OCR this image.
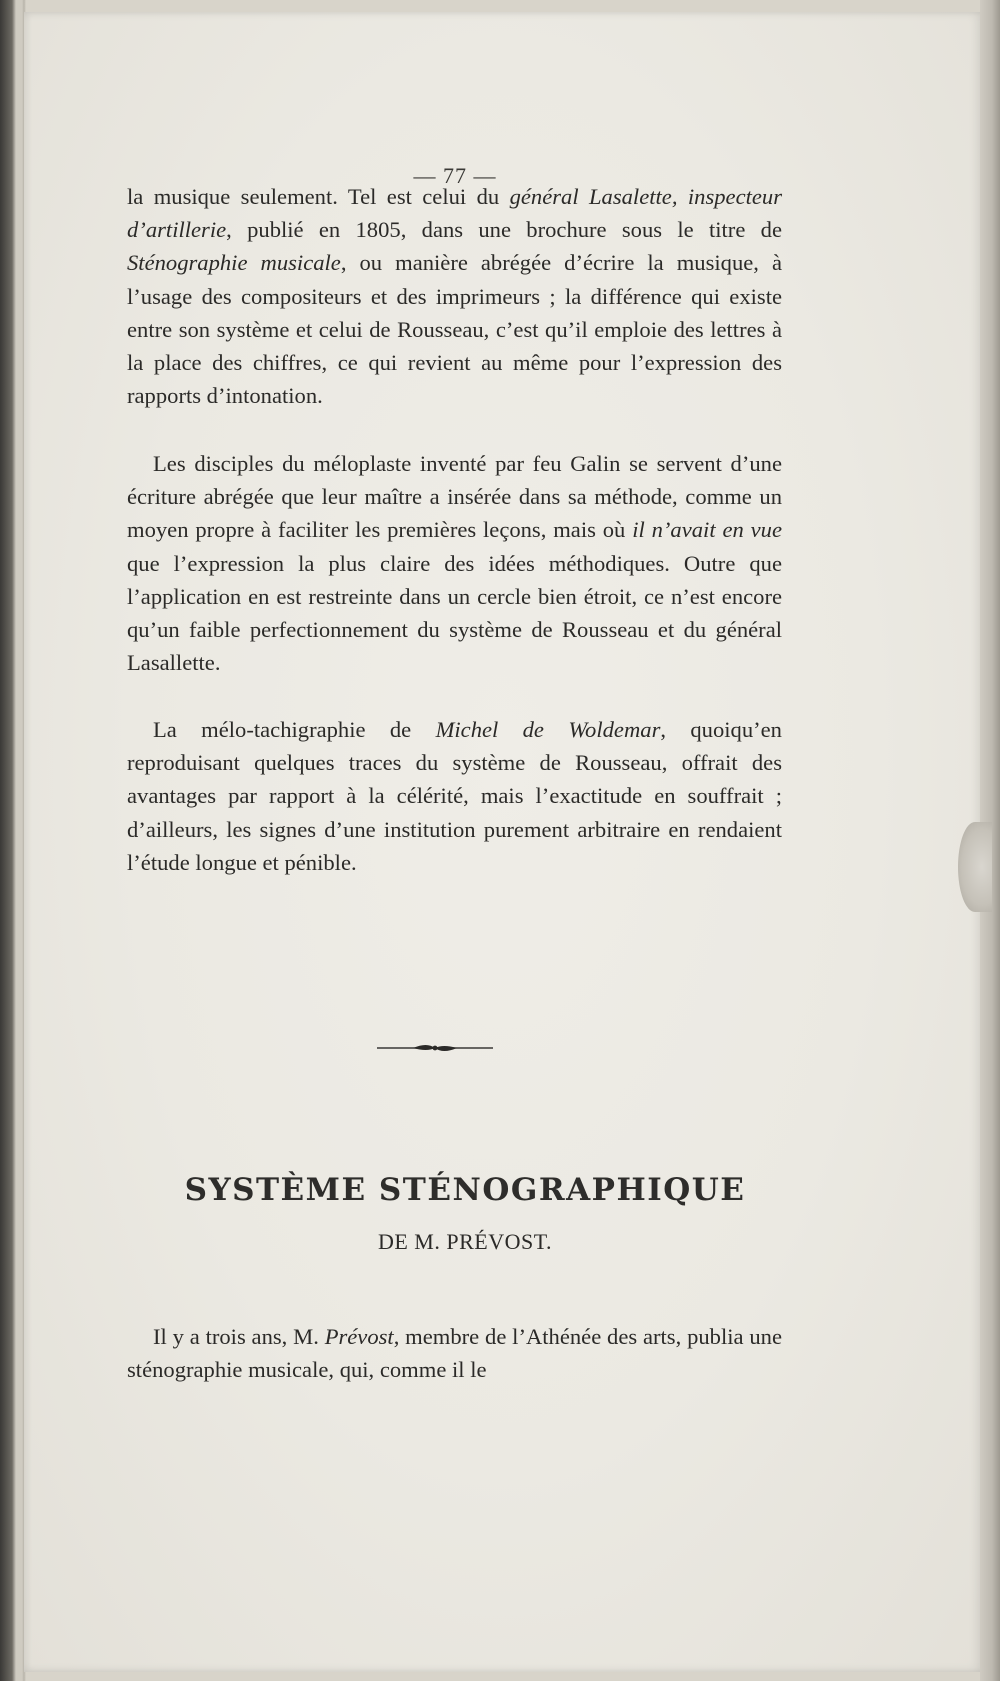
— 77 —

la musique seulement. Tel est celui du général Lasalette, inspecteur d’artillerie, publié en 1805, dans une brochure sous le titre de Sténographie musicale, ou manière abrégée d’écrire la musique, à l’usage des compositeurs et des imprimeurs ; la différence qui existe entre son système et celui de Rousseau, c’est qu’il emploie des lettres à la place des chiffres, ce qui revient au même pour l’expression des rapports d’intonation.

Les disciples du méloplaste inventé par feu Galin se servent d’une écriture abrégée que leur maître a insérée dans sa méthode, comme un moyen propre à faciliter les premières leçons, mais où il n’avait en vue que l’expression la plus claire des idées méthodiques. Outre que l’application en est restreinte dans un cercle bien étroit, ce n’est encore qu’un faible perfectionnement du système de Rousseau et du général Lasallette.

La mélo-tachigraphie de Michel de Woldemar, quoiqu’en reproduisant quelques traces du système de Rousseau, offrait des avantages par rapport à la célérité, mais l’exactitude en souffrait ; d’ailleurs, les signes d’une institution purement arbitraire en rendaient l’étude longue et pénible.

SYSTÈME STÉNOGRAPHIQUE
DE M. PRÉVOST.

Il y a trois ans, M. Prévost, membre de l’Athénée des arts, publia une sténographie musicale, qui, comme il le
